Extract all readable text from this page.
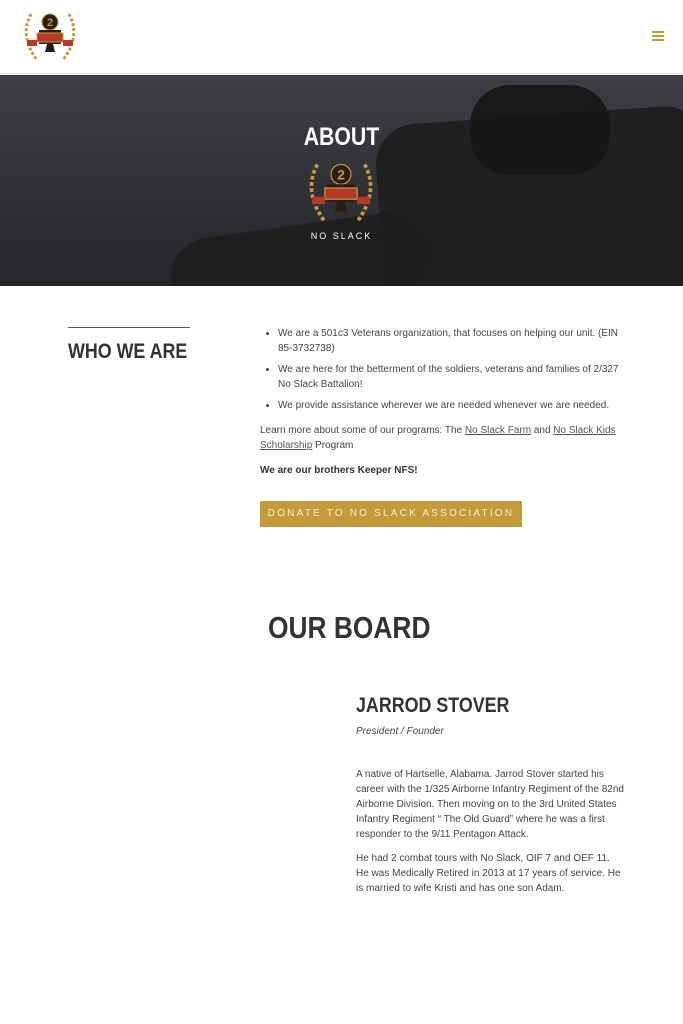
2
ABOUT
2
NO SLACK
WHO WE ARE
• We are a 501c3 Veterans organization, that focuses on helping our unit. (EIN 85-3732738)
• We are here for the betterment of the soldiers, veterans and families of 2/327 No Slack Battalion!
• We provide assistance wherever we are needed whenever we are needed.

Learn more about some of our programs: The No Slack Farm and No Slack Kids Scholarship Program

We are our brothers Keeper NFS!

DONATE TO NO SLACK ASSOCIATION
OUR BOARD
JARROD STOVER
President / Founder

A native of Hartselle, Alabama. Jarrod Stover started his career with the 1/325 Airborne Infantry Regiment of the 82nd Airborne Division. Then moving on to the 3rd United States Infantry Regiment “ The Old Guard” where he was a first responder to the 9/11 Pentagon Attack.

He had 2 combat tours with No Slack, OIF 7 and OEF 11. He was Medically Retired in 2013 at 17 years of service. He is married to wife Kristi and has one son Adam.
